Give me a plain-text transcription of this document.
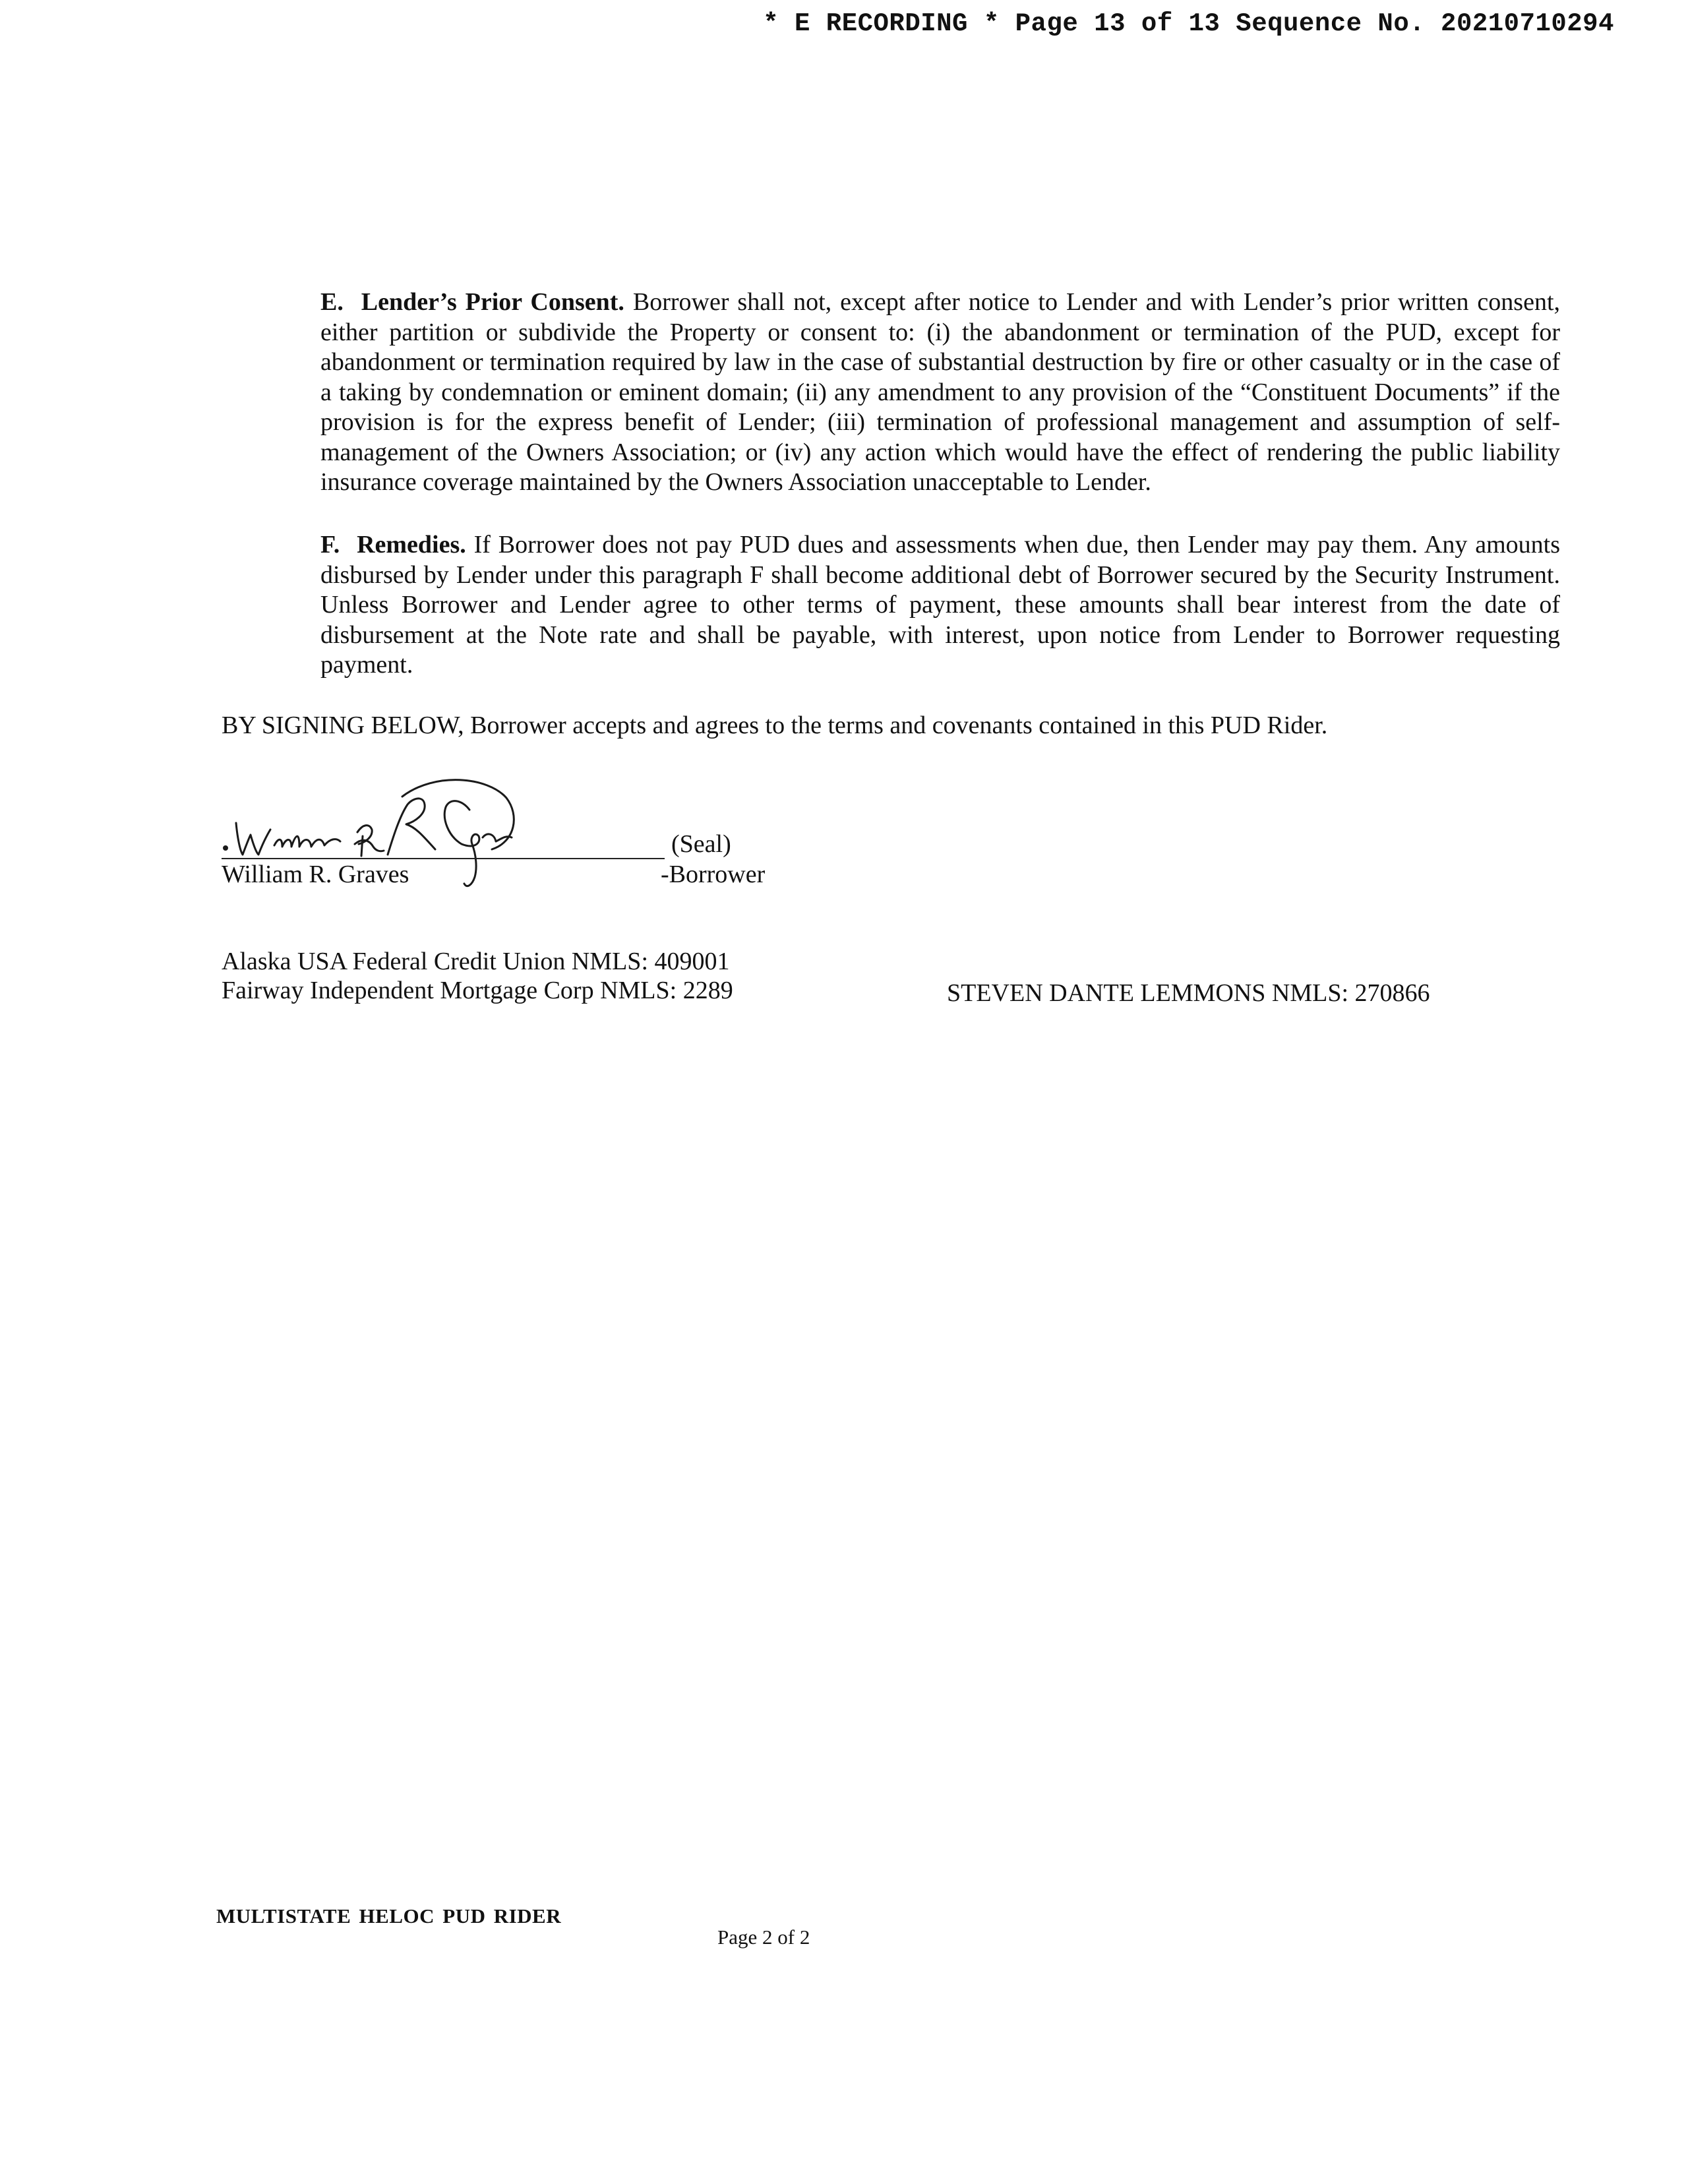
* E RECORDING * Page 13 of 13 Sequence No. 20210710294
E. Lender’s Prior Consent. Borrower shall not, except after notice to Lender and with Lender’s prior written consent, either partition or subdivide the Property or consent to: (i) the abandonment or termination of the PUD, except for abandonment or termination required by law in the case of substantial destruction by fire or other casualty or in the case of a taking by condemnation or eminent domain; (ii) any amendment to any provision of the “Constituent Documents” if the provision is for the express benefit of Lender; (iii) termination of professional management and assumption of self-management of the Owners Association; or (iv) any action which would have the effect of rendering the public liability insurance coverage maintained by the Owners Association unacceptable to Lender.
F. Remedies. If Borrower does not pay PUD dues and assessments when due, then Lender may pay them. Any amounts disbursed by Lender under this paragraph F shall become additional debt of Borrower secured by the Security Instrument. Unless Borrower and Lender agree to other terms of payment, these amounts shall bear interest from the date of disbursement at the Note rate and shall be payable, with interest, upon notice from Lender to Borrower requesting payment.
BY SIGNING BELOW, Borrower accepts and agrees to the terms and covenants contained in this PUD Rider.
(Seal)
William R. Graves	-Borrower
Alaska USA Federal Credit Union NMLS: 409001
Fairway Independent Mortgage Corp NMLS: 2289	STEVEN DANTE LEMMONS NMLS: 270866
MULTISTATE HELOC PUD RIDER
Page 2 of 2
